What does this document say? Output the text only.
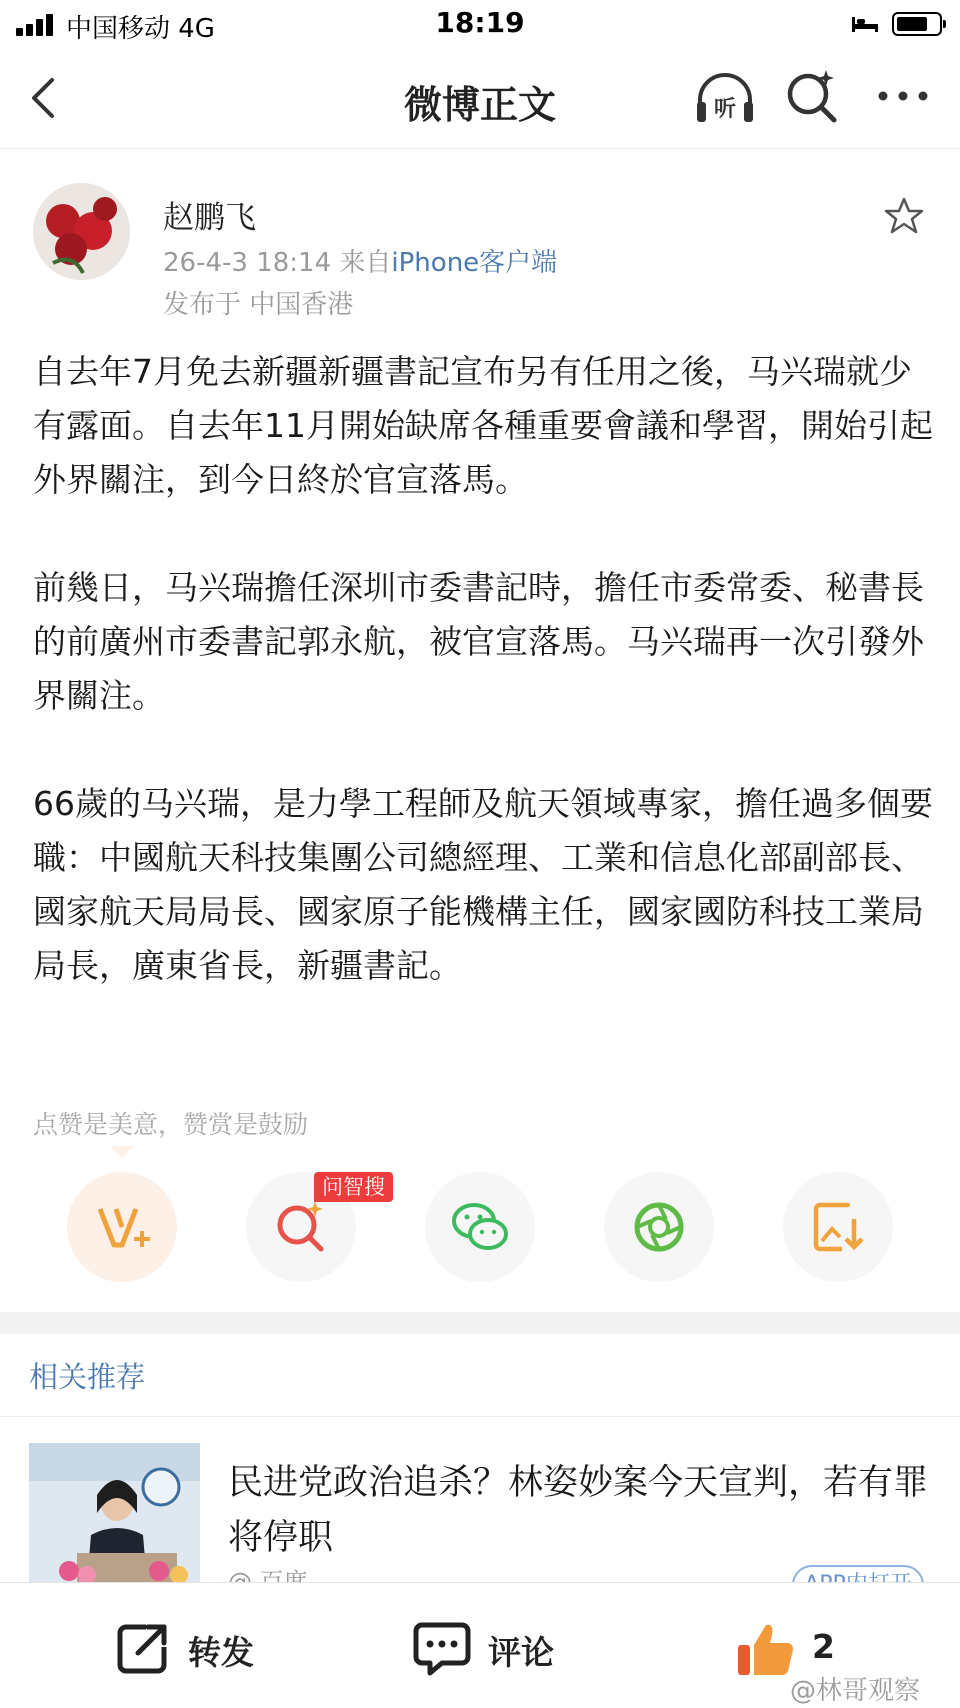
中国移动 4G	18:19
微博正文	听
赵鹏飞
26-4-3 18:14 来自iPhone客户端
发布于 中国香港

自去年7月免去新疆新疆書記宣布另有任用之後，马兴瑞就少有露面。自去年11月開始缺席各種重要會議和學習，開始引起外界關注，到今日終於官宣落馬。

前幾日，马兴瑞擔任深圳市委書記時，擔任市委常委、秘書長的前廣州市委書記郭永航，被官宣落馬。马兴瑞再一次引發外界關注。

66歲的马兴瑞，是力學工程師及航天領域專家，擔任過多個要職：中國航天科技集團公司總經理、工業和信息化部副部長、國家航天局局長、國家原子能機構主任，國家國防科技工業局局長，廣東省長，新疆書記。

点赞是美意，赞赏是鼓励
问智搜
相关推荐
民进党政治追杀？林姿妙案今天宣判，若有罪将停职
转发	评论	2
@林哥观察
